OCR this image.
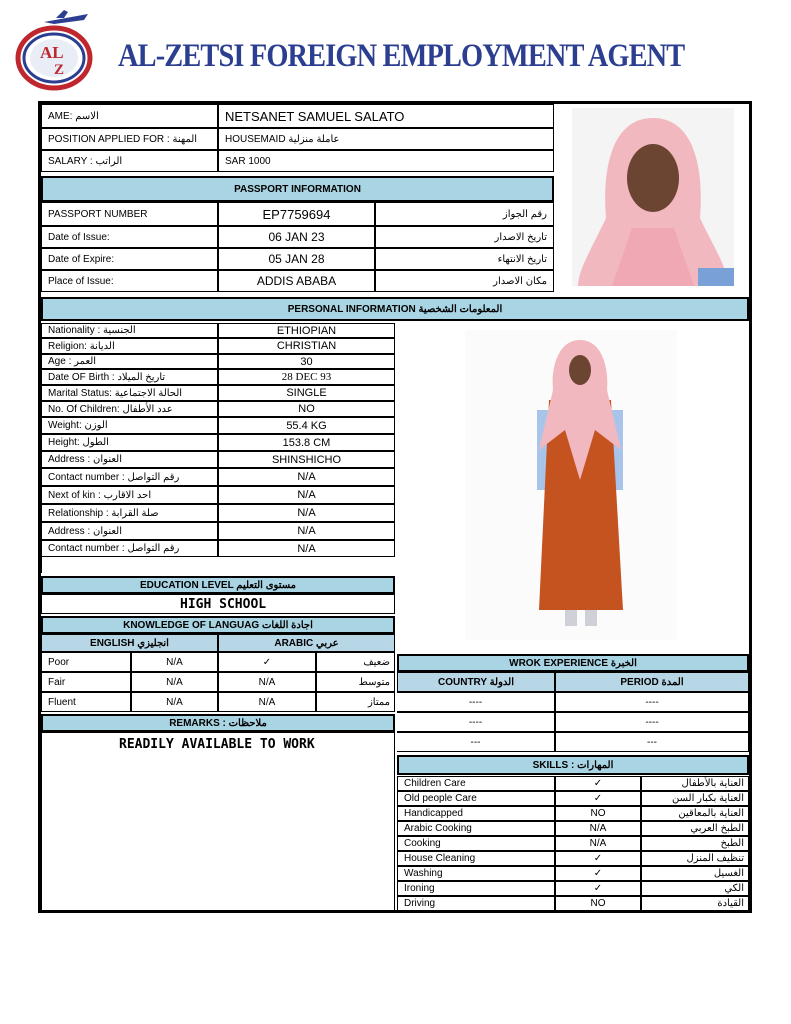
AL
Z AL-ZETSI FOREIGN EMPLOYMENT AGENT
AME: الاسم	NETSANET SAMUEL SALATO
POSITION APPLIED FOR : المهنة	HOUSEMAID عاملة منزلية
SALARY : الراتب	SAR 1000
PASSPORT INFORMATION
PASSPORT NUMBER	EP7759694	رقم الجواز
Date of Issue:	06 JAN 23	تاريخ الاصدار
Date of Expire:	05 JAN 28	تاريخ الانتهاء
Place of Issue:	ADDIS ABABA	مكان الاصدار
PERSONAL INFORMATION المعلومات الشخصية
Nationality : الجنسية	ETHIOPIAN
Religion: الديانة	CHRISTIAN
Age : العمر	30
Date OF Birth : تاريخ الميلاد	28 DEC 93
Marital Status: الحالة الاجتماعية	SINGLE
No. Of Children: عدد الأطفال	NO
Weight: الوزن	55.4 KG
Height: الطول	153.8 CM
Address : العنوان	SHINSHICHO
Contact number : رقم التواصل	N/A
Next of kin : احد الاقارب	N/A
Relationship : صلة القرابة	N/A
Address : العنوان	N/A
Contact number : رقم التواصل	N/A
EDUCATION LEVEL مستوى التعليم
HIGH SCHOOL
KNOWLEDGE OF LANGUAG اجادة اللغات
ENGLISH انجليزي	ARABIC عربي
Poor	N/A	✓	ضعيف
Fair	N/A	N/A	متوسط
Fluent	N/A	N/A	ممتاز
REMARKS : ملاحظات
READILY AVAILABLE TO WORK
WROK EXPERIENCE الخبرة
COUNTRY الدولة	PERIOD المدة
----	----
----	----
---	---
SKILLS : المهارات
Children Care	✓	العناية بالأطفال
Old people Care	✓	العناية بكبار السن
Handicapped	NO	العناية بالمعاقين
Arabic Cooking	N/A	الطبخ العربي
Cooking	N/A	الطبخ
House Cleaning	✓	تنظيف المنزل
Washing	✓	الغسيل
Ironing	✓	الكي
Driving	NO	القيادة
